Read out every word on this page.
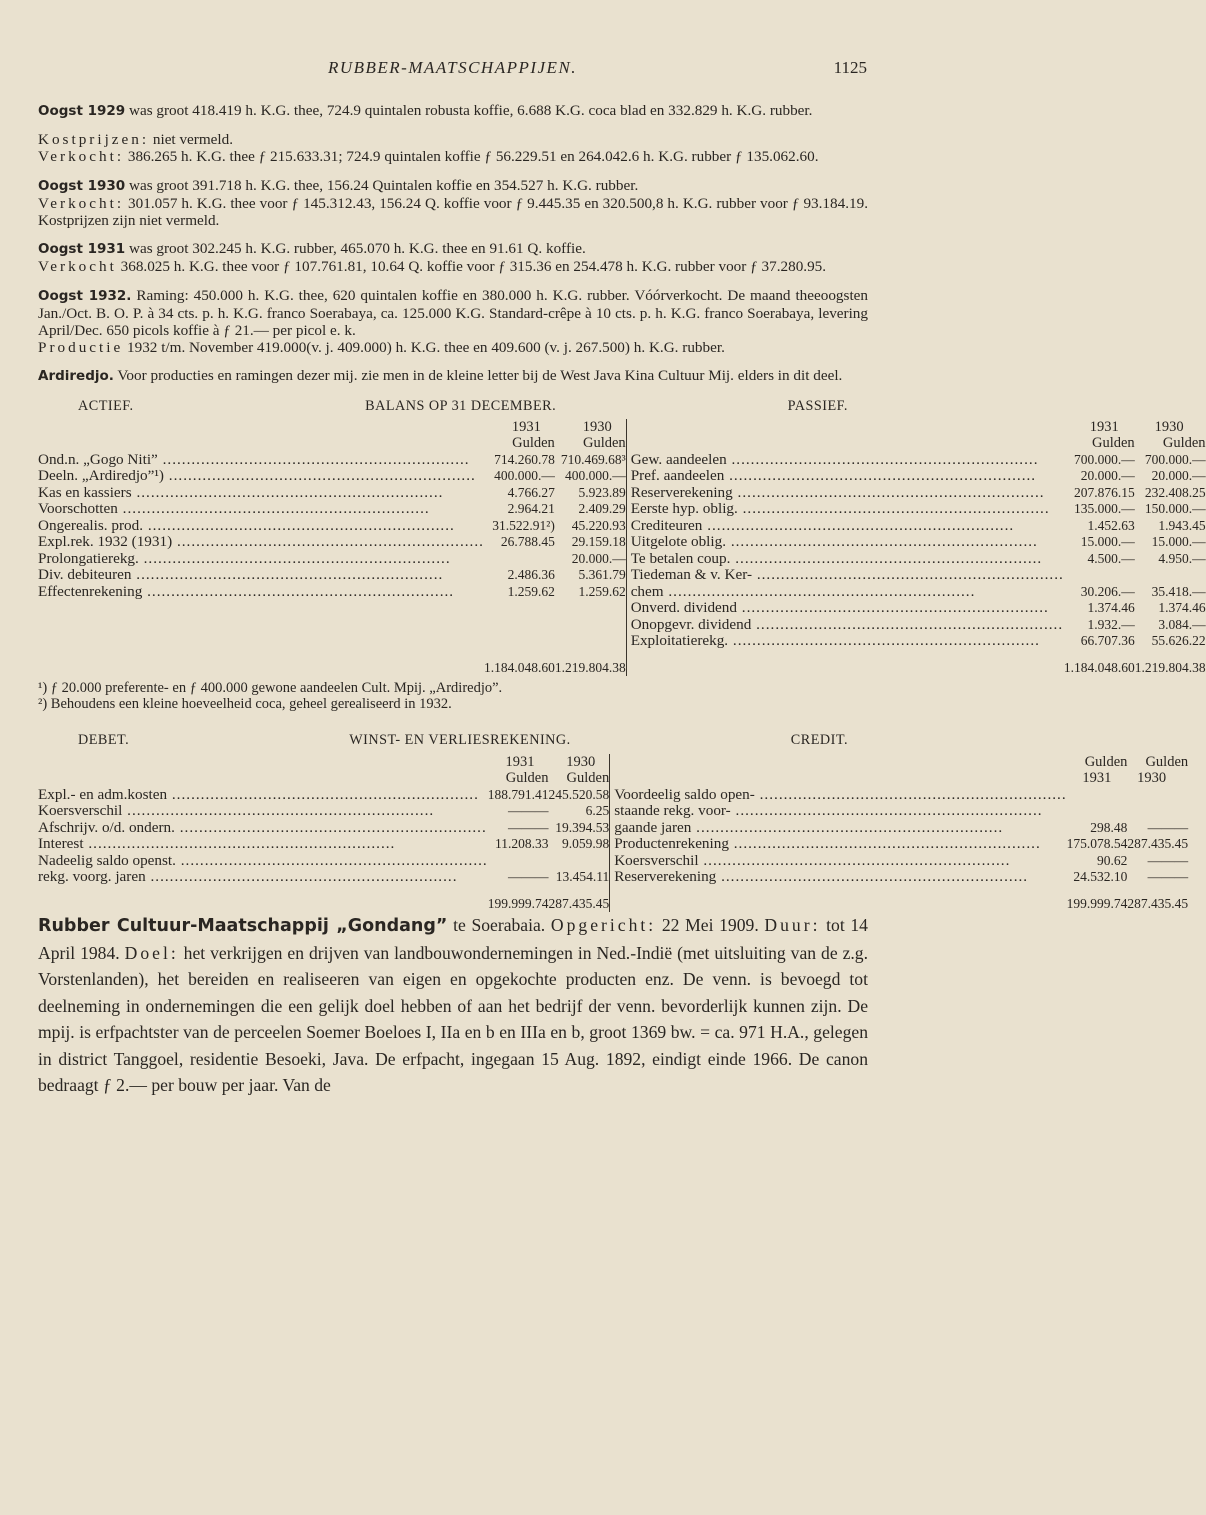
RUBBER-MAATSCHAPPIJEN.	1125

Oogst 1929 was groot 418.419 h. K.G. thee, 724.9 quintalen robusta koffie, 6.688 K.G. coca blad en 332.829 h. K.G. rubber.

Kostprijzen: niet vermeld.

Verkocht: 386.265 h. K.G. thee ƒ 215.633.31; 724.9 quintalen koffie ƒ 56.229.51 en 264.042.6 h. K.G. rubber ƒ 135.062.60.

Oogst 1930 was groot 391.718 h. K.G. thee, 156.24 Quintalen koffie en 354.527 h. K.G. rubber.

Verkocht: 301.057 h. K.G. thee voor ƒ 145.312.43, 156.24 Q. koffie voor ƒ 9.445.35 en 320.500,8 h. K.G. rubber voor ƒ 93.184.19. Kostprijzen zijn niet vermeld.

Oogst 1931 was groot 302.245 h. K.G. rubber, 465.070 h. K.G. thee en 91.61 Q. koffie.

Verkocht 368.025 h. K.G. thee voor ƒ 107.761.81, 10.64 Q. koffie voor ƒ 315.36 en 254.478 h. K.G. rubber voor ƒ 37.280.95.

Oogst 1932. Raming: 450.000 h. K.G. thee, 620 quintalen koffie en 380.000 h. K.G. rubber. Vóórverkocht. De maand theeoogsten Jan./Oct. B. O. P. à 34 cts. p. h. K.G. franco Soerabaya, ca. 125.000 K.G. Standard-crêpe à 10 cts. p. h. K.G. franco Soerabaya, levering April/Dec. 650 picols koffie à ƒ 21.— per picol e. k.

Productie 1932 t/m. November 419.000(v. j. 409.000) h. K.G. thee en 409.600 (v. j. 267.500) h. K.G. rubber.

Ardiredjo. Voor producties en ramingen dezer mij. zie men in de kleine letter bij de West Java Kina Cultuur Mij. elders in dit deel.

ACTIEF.	BALANS OP 31 DECEMBER.	PASSIEF.
	1931	1930		1931	1930
	Gulden	Gulden		Gulden	Gulden
Ond.n. „Gogo Niti” .....	714.260.78	710.469.68³	Gew. aandeelen .....	700.000.—	700.000.—
Deeln. „Ardiredjo”¹) .....	400.000.—	400.000.—	Pref. aandeelen .....	20.000.—	20.000.—
Kas en kassiers .....	4.766.27	5.923.89	Reserverekening .....	207.876.15	232.408.25
Voorschotten .....	2.964.21	2.409.29	Eerste hyp. oblig. .....	135.000.—	150.000.—
Ongerealis. prod. .....	31.522.91²)	45.220.93	Crediteuren .....	1.452.63	1.943.45
Expl.rek. 1932 (1931) .....	26.788.45	29.159.18	Uitgelote oblig. .....	15.000.—	15.000.—
Prolongatierekg. .....		20.000.—	Te betalen coup. .....	4.500.—	4.950.—
Div. debiteuren .....	2.486.36	5.361.79	Tiedeman & v. Ker- .....		
Effectenrekening .....	1.259.62	1.259.62	chem .....	30.206.—	35.418.—
			Onverd. dividend .....	1.374.46	1.374.46
			Onopgevr. dividend .....	1.932.—	3.084.—
			Exploitatierekg. .....	66.707.36	55.626.22
	1.184.048.60	1.219.804.38		1.184.048.60	1.219.804.38

¹) ƒ 20.000 preferente- en ƒ 400.000 gewone aandeelen Cult. Mpij. „Ardiredjo”.

²) Behoudens een kleine hoeveelheid coca, geheel gerealiseerd in 1932.

DEBET.	WINST- EN VERLIESREKENING.	CREDIT.
	1931	1930		Gulden	Gulden
	Gulden	Gulden		1931	1930
Expl.- en adm.kosten .....	188.791.41	245.520.58	Voordeelig saldo open- .....		
Koersverschil .....	———	6.25	staande rekg. voor- .....		
Afschrijv. o/d. ondern. .....	———	19.394.53	gaande jaren .....	298.48	———
Interest .....	11.208.33	9.059.98	Productenrekening .....	175.078.54	287.435.45
Nadeelig saldo openst. .....			Koersverschil .....	90.62	———
rekg. voorg. jaren .....	———	13.454.11	Reserverekening .....	24.532.10	———
	199.999.74	287.435.45		199.999.74	287.435.45

Rubber Cultuur-Maatschappij „Gondang” te Soerabaia. Opgericht: 22 Mei 1909. Duur: tot 14 April 1984. Doel: het verkrijgen en drijven van landbouwondernemingen in Ned.-Indië (met uitsluiting van de z.g. Vorstenlanden), het bereiden en realiseeren van eigen en opgekochte producten enz. De venn. is bevoegd tot deelneming in ondernemingen die een gelijk doel hebben of aan het bedrijf der venn. bevorderlijk kunnen zijn. De mpij. is erfpachtster van de perceelen Soemer Boeloes I, IIa en b en IIIa en b, groot 1369 bw. = ca. 971 H.A., gelegen in district Tanggoel, residentie Besoeki, Java. De erfpacht, ingegaan 15 Aug. 1892, eindigt einde 1966. De canon bedraagt ƒ 2.— per bouw per jaar. Van de
